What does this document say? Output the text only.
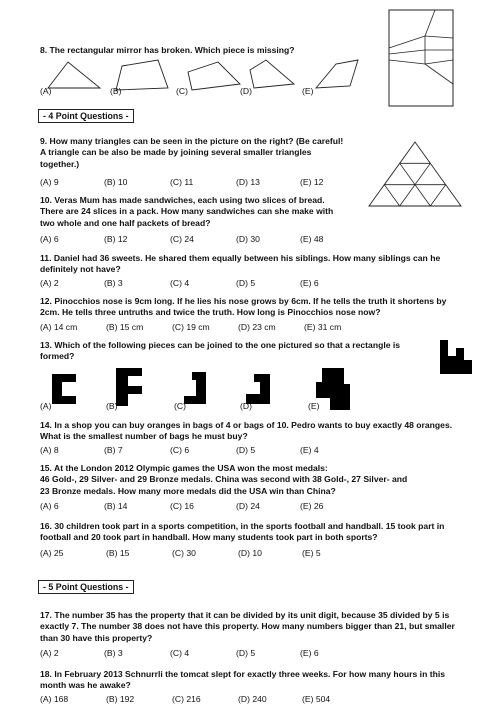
8. The rectangular mirror has broken. Which piece is missing?
(A)	(B)	(C)	(D)	(E)
- 4 Point Questions -
9. How many triangles can be seen in the picture on the right? (Be careful!
A triangle can be also be made by joining several smaller triangles
together.)
(A) 9	(B) 10	(C) 11	(D) 13	(E) 12
10. Veras Mum has made sandwiches, each using two slices of bread.
There are 24 slices in a pack. How many sandwiches can she make with
two whole and one half packets of bread?
(A) 6	(B) 12	(C) 24	(D) 30	(E) 48
11. Daniel had 36 sweets. He shared them equally between his siblings. How many siblings can he
definitely not have?
(A) 2	(B) 3	(C) 4	(D) 5	(E) 6
12. Pinocchios nose is 9cm long. If he lies his nose grows by 6cm. If he tells the truth it shortens by
2cm. He tells three untruths and twice the truth. How long is Pinocchios nose now?
(A) 14 cm	(B) 15 cm	(C) 19 cm	(D) 23 cm	(E) 31 cm
13. Which of the following pieces can be joined to the one pictured so that a rectangle is
formed?
(A)	(B)	(C)	(D)	(E)
14. In a shop you can buy oranges in bags of 4 or bags of 10. Pedro wants to buy exactly 48 oranges.
What is the smallest number of bags he must buy?
(A) 8	(B) 7	(C) 6	(D) 5	(E) 4
15. At the London 2012 Olympic games the USA won the most medals:
46 Gold-, 29 Silver- and 29 Bronze medals. China was second with 38 Gold-, 27 Silver- and
23 Bronze medals. How many more medals did the USA win than China?
(A) 6	(B) 14	(C) 16	(D) 24	(E) 26
16. 30 children took part in a sports competition, in the sports football and handball. 15 took part in
football and 20 took part in handball. How many students took part in both sports?
(A) 25	(B) 15	(C) 30	(D) 10	(E) 5
- 5 Point Questions -
17. The number 35 has the property that it can be divided by its unit digit, because 35 divided by 5 is
exactly 7. The number 38 does not have this property. How many numbers bigger than 21, but smaller
than 30 have this property?
(A) 2	(B) 3	(C) 4	(D) 5	(E) 6
18. In February 2013 Schnurrli the tomcat slept for exactly three weeks. For how many hours in this
month was he awake?
(A) 168	(B) 192	(C) 216	(D) 240	(E) 504
